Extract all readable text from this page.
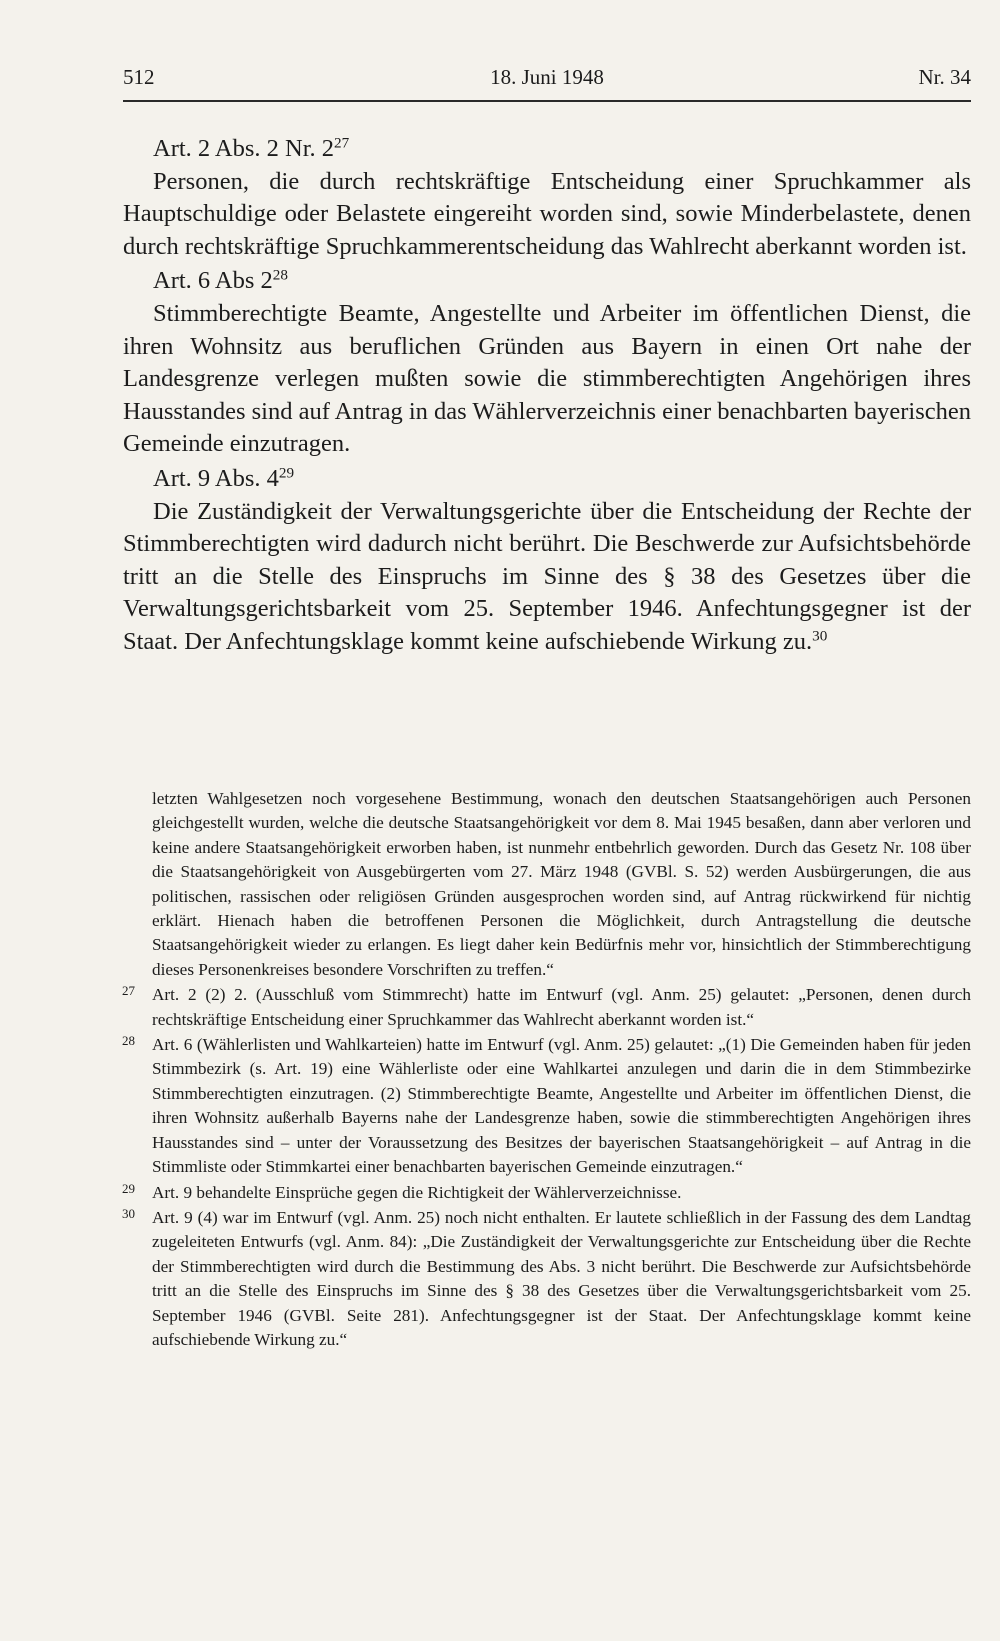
512	18. Juni 1948	Nr. 34

Art. 2 Abs. 2 Nr. $2^{27}$

Personen, die durch rechtskräftige Entscheidung einer Spruchkammer als Hauptschuldige oder Belastete eingereiht worden sind, sowie Minderbelastete, denen durch rechtskräftige Spruchkammerentscheidung das Wahlrecht aberkannt worden ist.

Art. 6 Abs $2^{28}$

Stimmberechtigte Beamte, Angestellte und Arbeiter im öffentlichen Dienst, die ihren Wohnsitz aus beruflichen Gründen aus Bayern in einen Ort nahe der Landesgrenze verlegen mußten sowie die stimmberechtigten Angehörigen ihres Hausstandes sind auf Antrag in das Wählerverzeichnis einer benachbarten bayerischen Gemeinde einzutragen.

Art. 9 Abs. $4^{29}$

Die Zuständigkeit der Verwaltungsgerichte über die Entscheidung der Rechte der Stimmberechtigten wird dadurch nicht berührt. Die Beschwerde zur Aufsichtsbehörde tritt an die Stelle des Einspruchs im Sinne des § 38 des Gesetzes über die Verwaltungsgerichtsbarkeit vom 25. September 1946. Anfechtungsgegner ist der Staat. Der Anfechtungsklage kommt keine aufschiebende Wirkung zu.$^{30}$

letzten Wahlgesetzen noch vorgesehene Bestimmung, wonach den deutschen Staatsangehörigen auch Personen gleichgestellt wurden, welche die deutsche Staatsangehörigkeit vor dem 8. Mai 1945 besaßen, dann aber verloren und keine andere Staatsangehörigkeit erworben haben, ist nunmehr entbehrlich geworden. Durch das Gesetz Nr. 108 über die Staatsangehörigkeit von Ausgebürgerten vom 27. März 1948 (GVBl. S. 52) werden Ausbürgerungen, die aus politischen, rassischen oder religiösen Gründen ausgesprochen worden sind, auf Antrag rückwirkend für nichtig erklärt. Hienach haben die betroffenen Personen die Möglichkeit, durch Antragstellung die deutsche Staatsangehörigkeit wieder zu erlangen. Es liegt daher kein Bedürfnis mehr vor, hinsichtlich der Stimmberechtigung dieses Personenkreises besondere Vorschriften zu treffen.“

27 Art. 2 (2) 2. (Ausschluß vom Stimmrecht) hatte im Entwurf (vgl. Anm. 25) gelautet: „Personen, denen durch rechtskräftige Entscheidung einer Spruchkammer das Wahlrecht aberkannt worden ist.“

28 Art. 6 (Wählerlisten und Wahlkarteien) hatte im Entwurf (vgl. Anm. 25) gelautet: „(1) Die Gemeinden haben für jeden Stimmbezirk (s. Art. 19) eine Wählerliste oder eine Wahlkartei anzulegen und darin die in dem Stimmbezirke Stimmberechtigten einzutragen. (2) Stimmberechtigte Beamte, Angestellte und Arbeiter im öffentlichen Dienst, die ihren Wohnsitz außerhalb Bayerns nahe der Landesgrenze haben, sowie die stimmberechtigten Angehörigen ihres Hausstandes sind – unter der Voraussetzung des Besitzes der bayerischen Staatsangehörigkeit – auf Antrag in die Stimmliste oder Stimmkartei einer benachbarten bayerischen Gemeinde einzutragen.“

29 Art. 9 behandelte Einsprüche gegen die Richtigkeit der Wählerverzeichnisse.

30 Art. 9 (4) war im Entwurf (vgl. Anm. 25) noch nicht enthalten. Er lautete schließlich in der Fassung des dem Landtag zugeleiteten Entwurfs (vgl. Anm. 84): „Die Zuständigkeit der Verwaltungsgerichte zur Entscheidung über die Rechte der Stimmberechtigten wird durch die Bestimmung des Abs. 3 nicht berührt. Die Beschwerde zur Aufsichtsbehörde tritt an die Stelle des Einspruchs im Sinne des § 38 des Gesetzes über die Verwaltungsgerichtsbarkeit vom 25. September 1946 (GVBl. Seite 281). Anfechtungsgegner ist der Staat. Der Anfechtungsklage kommt keine aufschiebende Wirkung zu.“
